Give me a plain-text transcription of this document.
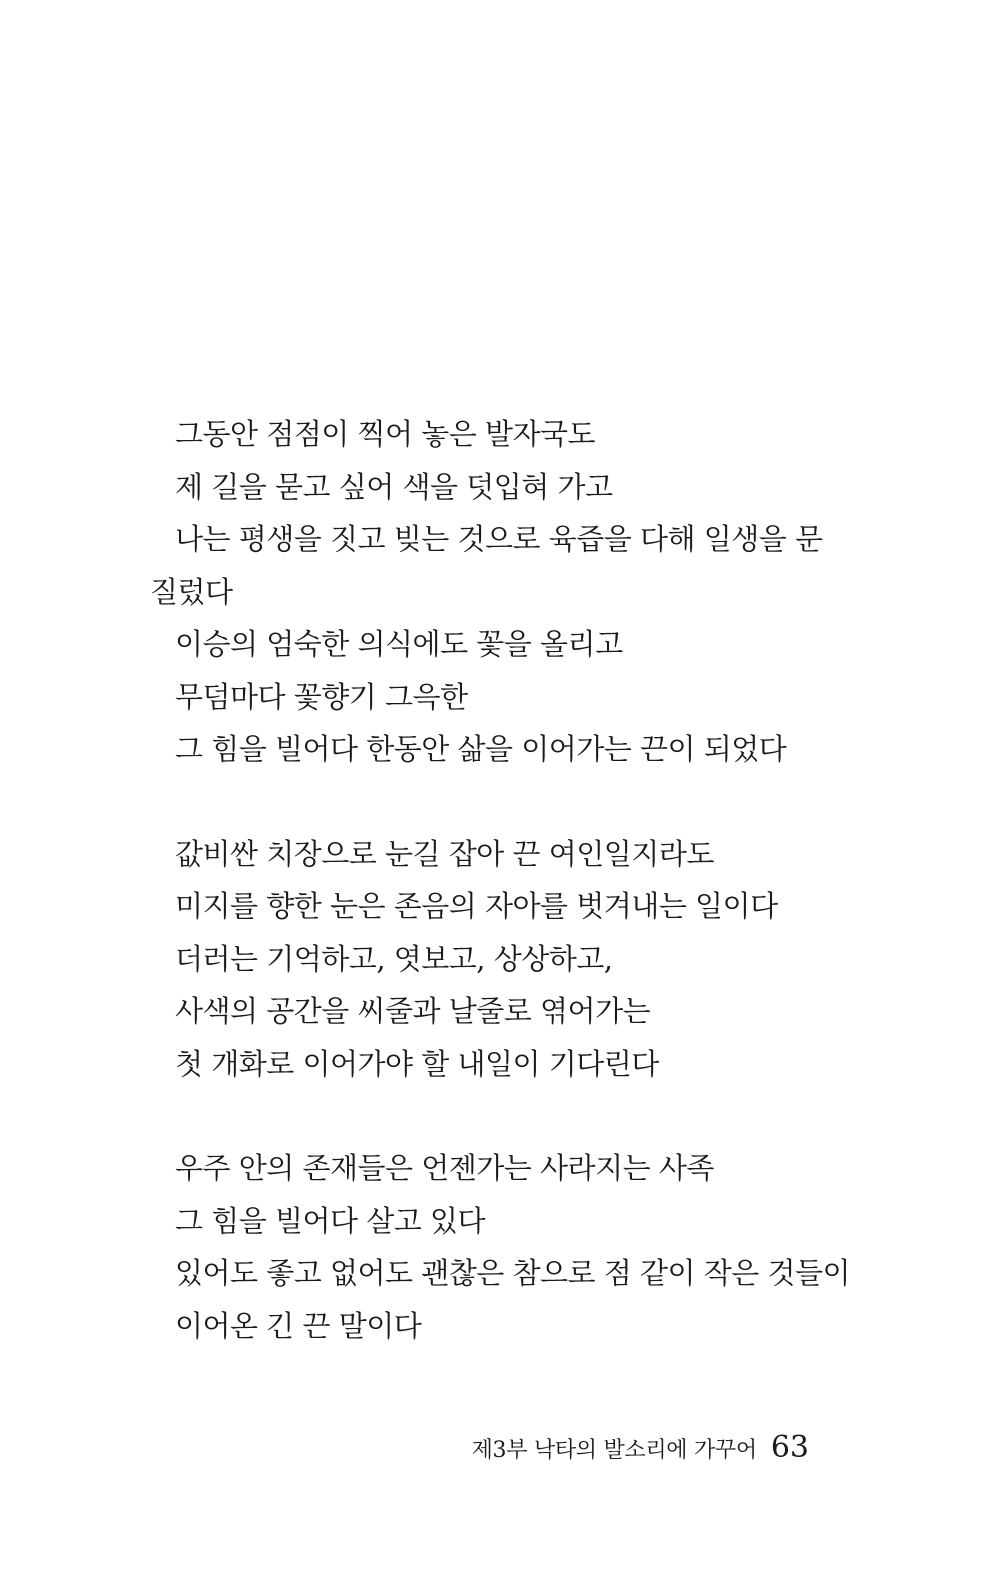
그동안 점점이 찍어 놓은 발자국도
제 길을 묻고 싶어 색을 덧입혀 가고
나는 평생을 짓고 빚는 것으로 육즙을 다해 일생을 문
질렀다
이승의 엄숙한 의식에도 꽃을 올리고
무덤마다 꽃향기 그윽한
그 힘을 빌어다 한동안 삶을 이어가는 끈이 되었다
값비싼 치장으로 눈길 잡아 끈 여인일지라도
미지를 향한 눈은 존음의 자아를 벗겨내는 일이다
더러는 기억하고, 엿보고, 상상하고,
사색의 공간을 씨줄과 날줄로 엮어가는
첫 개화로 이어가야 할 내일이 기다린다
우주 안의 존재들은 언젠가는 사라지는 사족
그 힘을 빌어다 살고 있다
있어도 좋고 없어도 괜찮은 참으로 점 같이 작은 것들이
이어온 긴 끈 말이다
제3부 낙타의 발소리에 가꾸어 63
